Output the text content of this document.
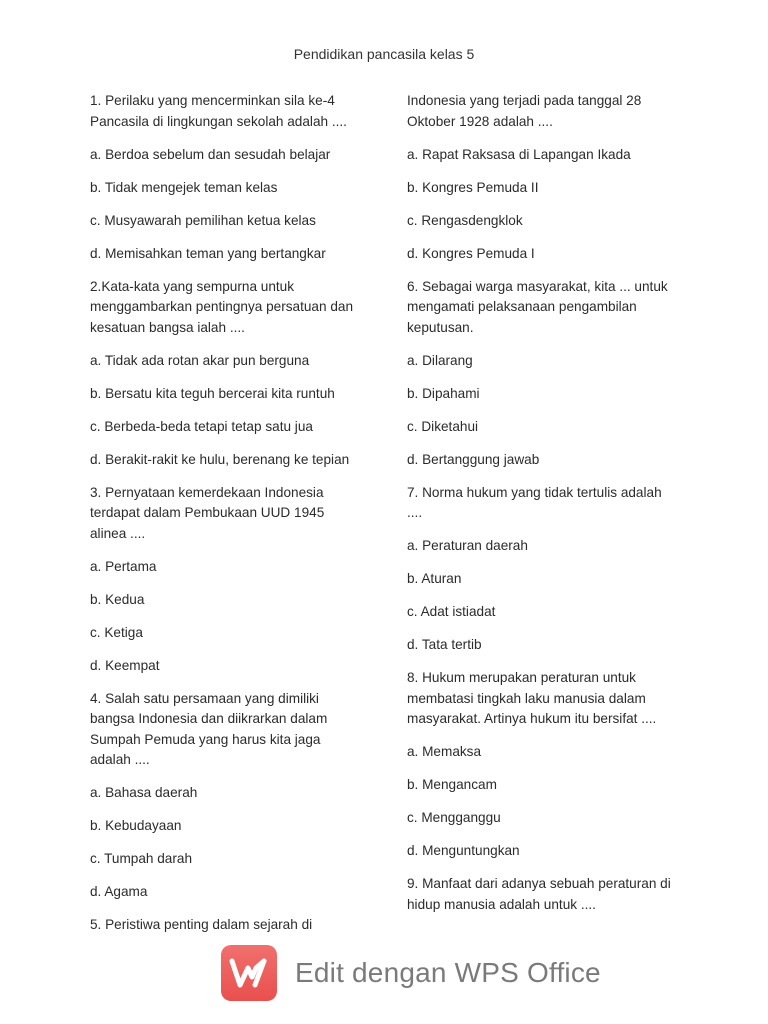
Pendidikan pancasila kelas 5

1. Perilaku yang mencerminkan sila ke-4
Pancasila di lingkungan sekolah adalah ....

a. Berdoa sebelum dan sesudah belajar

b. Tidak mengejek teman kelas

c. Musyawarah pemilihan ketua kelas

d. Memisahkan teman yang bertangkar

2.Kata-kata yang sempurna untuk
menggambarkan pentingnya persatuan dan
kesatuan bangsa ialah ....

a. Tidak ada rotan akar pun berguna

b. Bersatu kita teguh bercerai kita runtuh

c. Berbeda-beda tetapi tetap satu jua

d. Berakit-rakit ke hulu, berenang ke tepian

3. Pernyataan kemerdekaan Indonesia
terdapat dalam Pembukaan UUD 1945
alinea ....

a. Pertama

b. Kedua

c. Ketiga

d. Keempat

4. Salah satu persamaan yang dimiliki
bangsa Indonesia dan diikrarkan dalam
Sumpah Pemuda yang harus kita jaga
adalah ....

a. Bahasa daerah

b. Kebudayaan

c. Tumpah darah

d. Agama

5. Peristiwa penting dalam sejarah di

Indonesia yang terjadi pada tanggal 28
Oktober 1928 adalah ....

a. Rapat Raksasa di Lapangan Ikada

b. Kongres Pemuda II

c. Rengasdengklok

d. Kongres Pemuda I

6. Sebagai warga masyarakat, kita ... untuk
mengamati pelaksanaan pengambilan
keputusan.

a. Dilarang

b. Dipahami

c. Diketahui

d. Bertanggung jawab

7. Norma hukum yang tidak tertulis adalah
....

a. Peraturan daerah

b. Aturan

c. Adat istiadat

d. Tata tertib

8. Hukum merupakan peraturan untuk
membatasi tingkah laku manusia dalam
masyarakat. Artinya hukum itu bersifat ....

a. Memaksa

b. Mengancam

c. Mengganggu

d. Menguntungkan

9. Manfaat dari adanya sebuah peraturan di
hidup manusia adalah untuk ....

Edit dengan WPS Office
